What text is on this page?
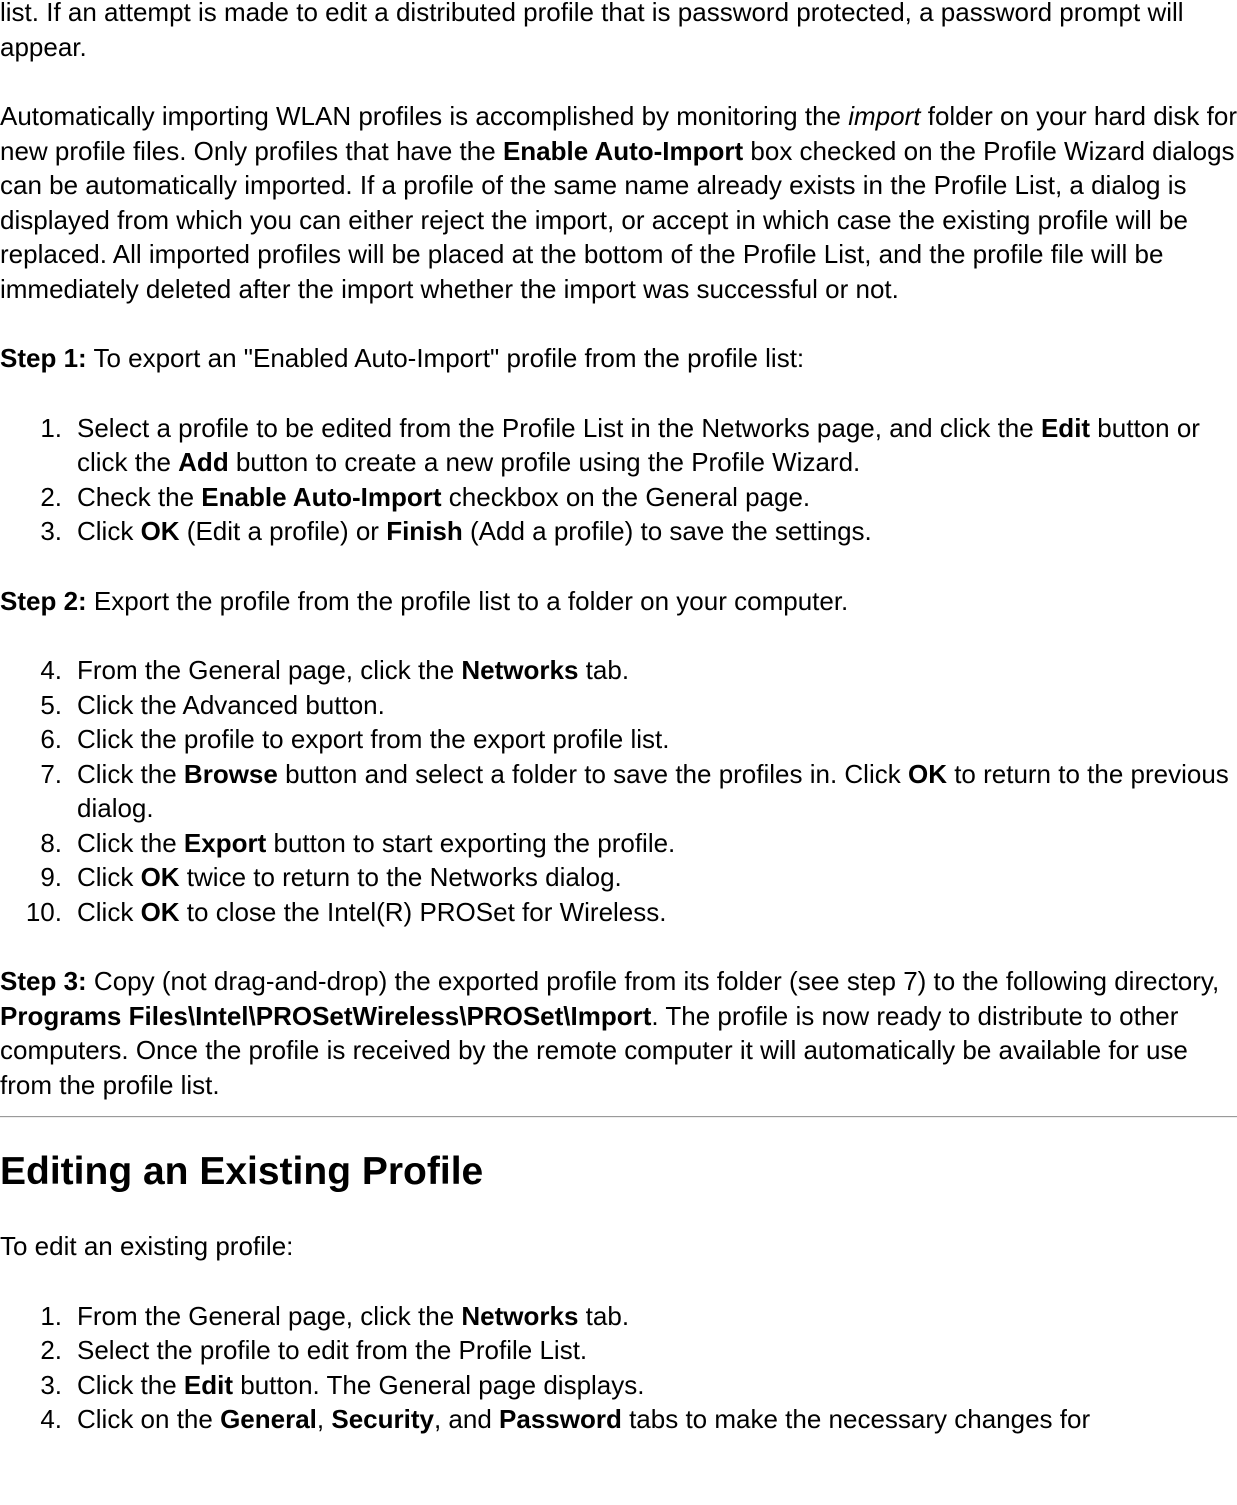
list. If an attempt is made to edit a distributed profile that is password protected, a password prompt will appear.

Automatically importing WLAN profiles is accomplished by monitoring the import folder on your hard disk for new profile files. Only profiles that have the Enable Auto-Import box checked on the Profile Wizard dialogs can be automatically imported. If a profile of the same name already exists in the Profile List, a dialog is displayed from which you can either reject the import, or accept in which case the existing profile will be replaced. All imported profiles will be placed at the bottom of the Profile List, and the profile file will be immediately deleted after the import whether the import was successful or not.

Step 1: To export an "Enabled Auto-Import" profile from the profile list:

1. Select a profile to be edited from the Profile List in the Networks page, and click the Edit button or click the Add button to create a new profile using the Profile Wizard.
2. Check the Enable Auto-Import checkbox on the General page.
3. Click OK (Edit a profile) or Finish (Add a profile) to save the settings.

Step 2: Export the profile from the profile list to a folder on your computer.

4. From the General page, click the Networks tab.
5. Click the Advanced button.
6. Click the profile to export from the export profile list.
7. Click the Browse button and select a folder to save the profiles in. Click OK to return to the previous dialog.
8. Click the Export button to start exporting the profile.
9. Click OK twice to return to the Networks dialog.
10. Click OK to close the Intel(R) PROSet for Wireless.

Step 3: Copy (not drag-and-drop) the exported profile from its folder (see step 7) to the following directory, Programs Files\Intel\PROSetWireless\PROSet\Import. The profile is now ready to distribute to other computers. Once the profile is received by the remote computer it will automatically be available for use from the profile list.

Editing an Existing Profile

To edit an existing profile:

1. From the General page, click the Networks tab.
2. Select the profile to edit from the Profile List.
3. Click the Edit button. The General page displays.
4. Click on the General, Security, and Password tabs to make the necessary changes for
